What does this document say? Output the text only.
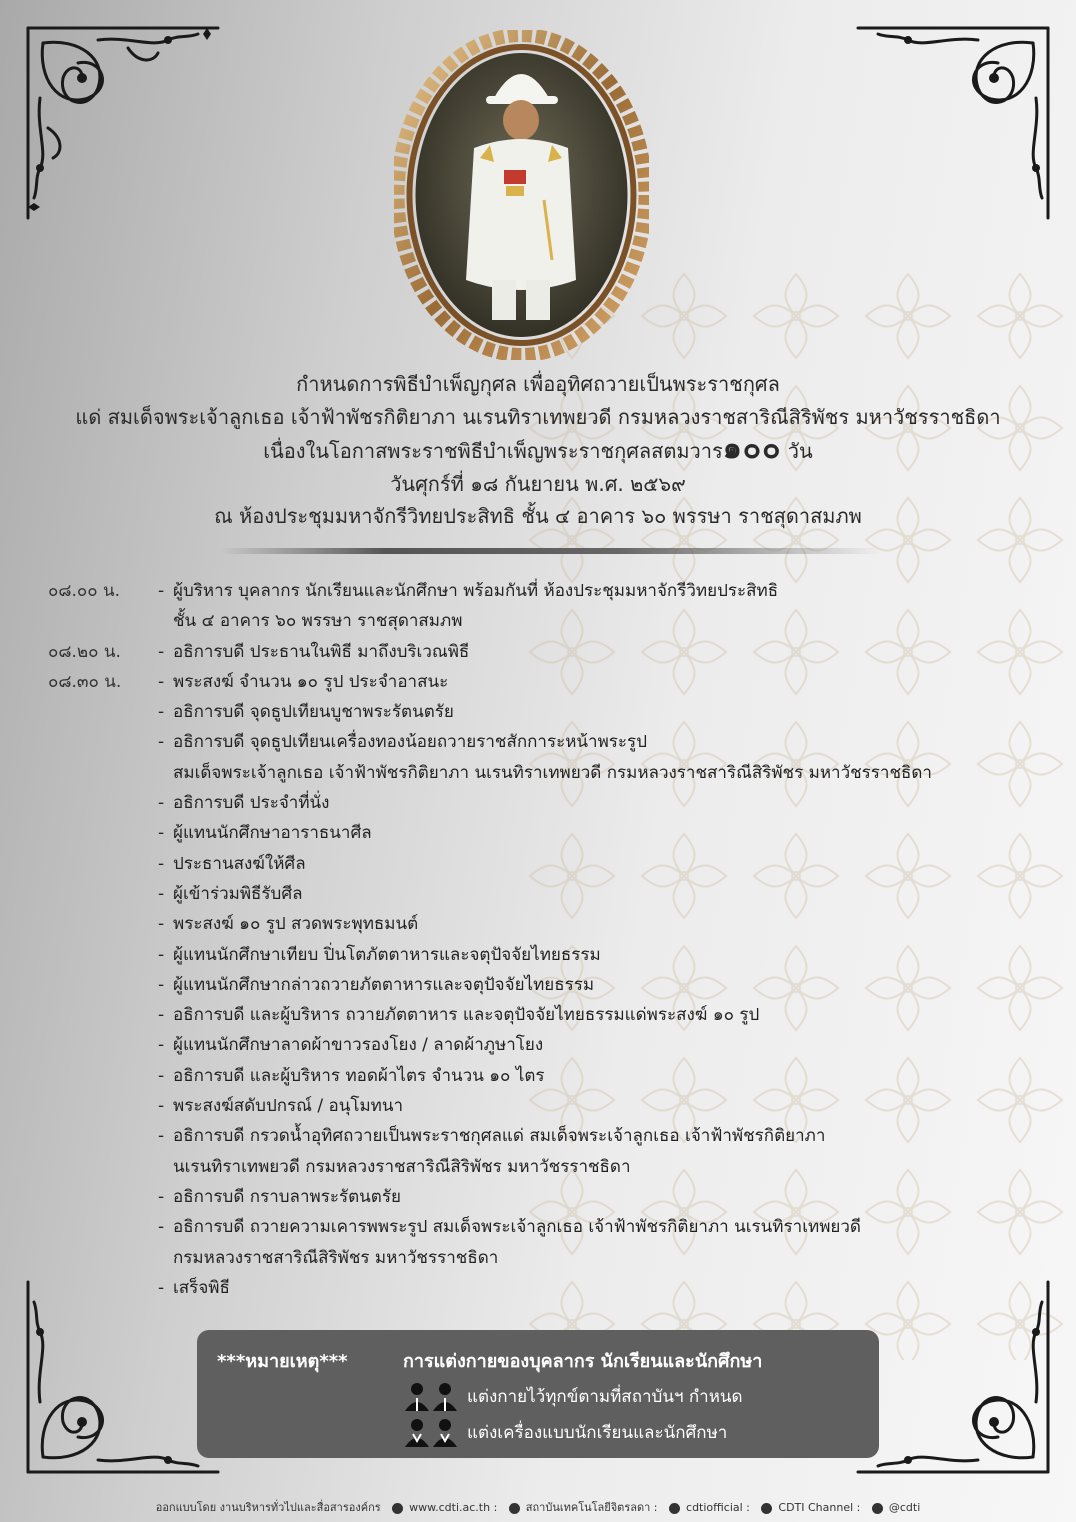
กำหนดการพิธีบำเพ็ญกุศล เพื่ออุทิศถวายเป็นพระราชกุศล
แด่ สมเด็จพระเจ้าลูกเธอ เจ้าฟ้าพัชรกิติยาภา นเรนทิราเทพยวดี กรมหลวงราชสาริณีสิริพัชร มหาวัชรราชธิดา
เนื่องในโอกาสพระราชพิธีบำเพ็ญพระราชกุศลสตมวาร๑๐๐ วัน
วันศุกร์ที่ ๑๘ กันยายน พ.ศ. ๒๕๖๙
ณ ห้องประชุมมหาจักรีวิทยประสิทธิ ชั้น ๔ อาคาร ๖๐ พรรษา ราชสุดาสมภพ
๐๘.๐๐ น. - ผู้บริหาร บุคลากร นักเรียนและนักศึกษา พร้อมกันที่ ห้องประชุมมหาจักรีวิทยประสิทธิ
ชั้น ๔ อาคาร ๖๐ พรรษา ราชสุดาสมภพ
๐๘.๒๐ น. - อธิการบดี ประธานในพิธี มาถึงบริเวณพิธี
๐๘.๓๐ น. - พระสงฆ์ จำนวน ๑๐ รูป ประจำอาสนะ
- อธิการบดี จุดธูปเทียนบูชาพระรัตนตรัย
- อธิการบดี จุดธูปเทียนเครื่องทองน้อยถวายราชสักการะหน้าพระรูป
สมเด็จพระเจ้าลูกเธอ เจ้าฟ้าพัชรกิติยาภา นเรนทิราเทพยวดี กรมหลวงราชสาริณีสิริพัชร มหาวัชรราชธิดา
- อธิการบดี ประจำที่นั่ง
- ผู้แทนนักศึกษาอาราธนาศีล
- ประธานสงฆ์ให้ศีล
- ผู้เข้าร่วมพิธีรับศีล
- พระสงฆ์ ๑๐ รูป สวดพระพุทธมนต์
- ผู้แทนนักศึกษาเทียบ ปิ่นโตภัตตาหารและจตุปัจจัยไทยธรรม
- ผู้แทนนักศึกษากล่าวถวายภัตตาหารและจตุปัจจัยไทยธรรม
- อธิการบดี และผู้บริหาร ถวายภัตตาหาร และจตุปัจจัยไทยธรรมแด่พระสงฆ์ ๑๐ รูป
- ผู้แทนนักศึกษาลาดผ้าขาวรองโยง / ลาดผ้าภูษาโยง
- อธิการบดี และผู้บริหาร ทอดผ้าไตร จำนวน ๑๐ ไตร
- พระสงฆ์สดับปกรณ์ / อนุโมทนา
- อธิการบดี กรวดน้ำอุทิศถวายเป็นพระราชกุศลแด่ สมเด็จพระเจ้าลูกเธอ เจ้าฟ้าพัชรกิติยาภา
นเรนทิราเทพยวดี กรมหลวงราชสาริณีสิริพัชร มหาวัชรราชธิดา
- อธิการบดี กราบลาพระรัตนตรัย
- อธิการบดี ถวายความเคารพพระรูป สมเด็จพระเจ้าลูกเธอ เจ้าฟ้าพัชรกิติยาภา นเรนทิราเทพยวดี
กรมหลวงราชสาริณีสิริพัชร มหาวัชรราชธิดา
- เสร็จพิธี
***หมายเหตุ***	การแต่งกายของบุคลากร นักเรียนและนักศึกษา
แต่งกายไว้ทุกข์ตามที่สถาบันฯ กำหนด
แต่งเครื่องแบบนักเรียนและนักศึกษา
ออกแบบโดย งานบริหารทั่วไปและสื่อสารองค์กร	www.cdti.ac.th :	สถาบันเทคโนโลยีจิตรลดา :	cdtiofficial :	CDTI Channel :	@cdti
